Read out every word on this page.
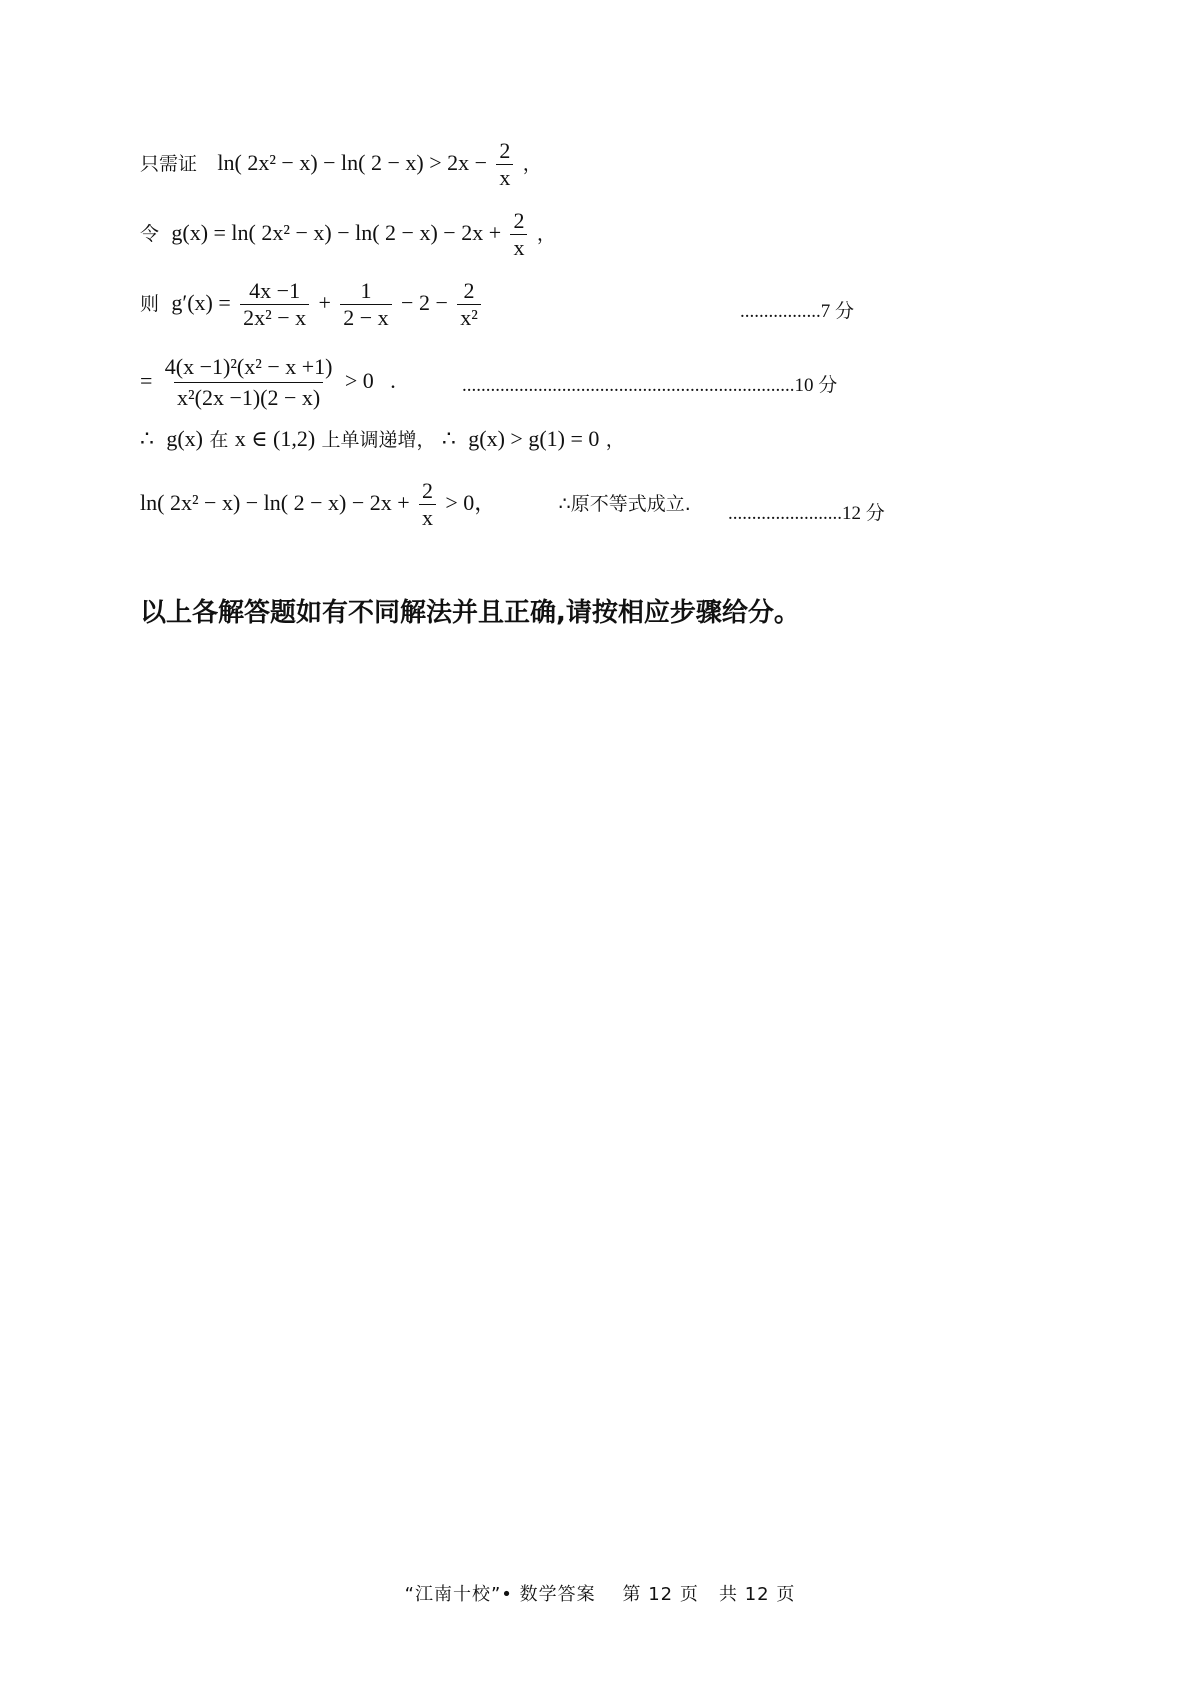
只需证 ln( 2x² − x) − ln( $2 - x) > 2x - \frac{2}{x}$ ，
令 g(x) = ln( 2x² − x) − ln( $2 - x) - 2x + \frac{2}{x}$ ，
则 $g'(x) = \frac{4x -1}{\text{2x² − x}} + \frac{1}{2 - x} - 2 - \frac{2}{\text{x²}}$	.................7 分
= $\frac{\text{4(x −1)²(x² − x +1)}}{\text{x²(2x −1)(2 − x)}} > 0$   .	......................................................................10 分
∴ g(x) 在 x ∈ (1,2) 上单调递增， ∴ g(x) > g(1) = 0 ，
ln( 2x² − x) − ln( $2 - x) - 2x + \frac{2}{x} > 0$，	∴原不等式成立. ........................12 分
以上各解答题如有不同解法并且正确,请按相应步骤给分。
“江南十校”• 数学答案    第 12 页   共 12 页
